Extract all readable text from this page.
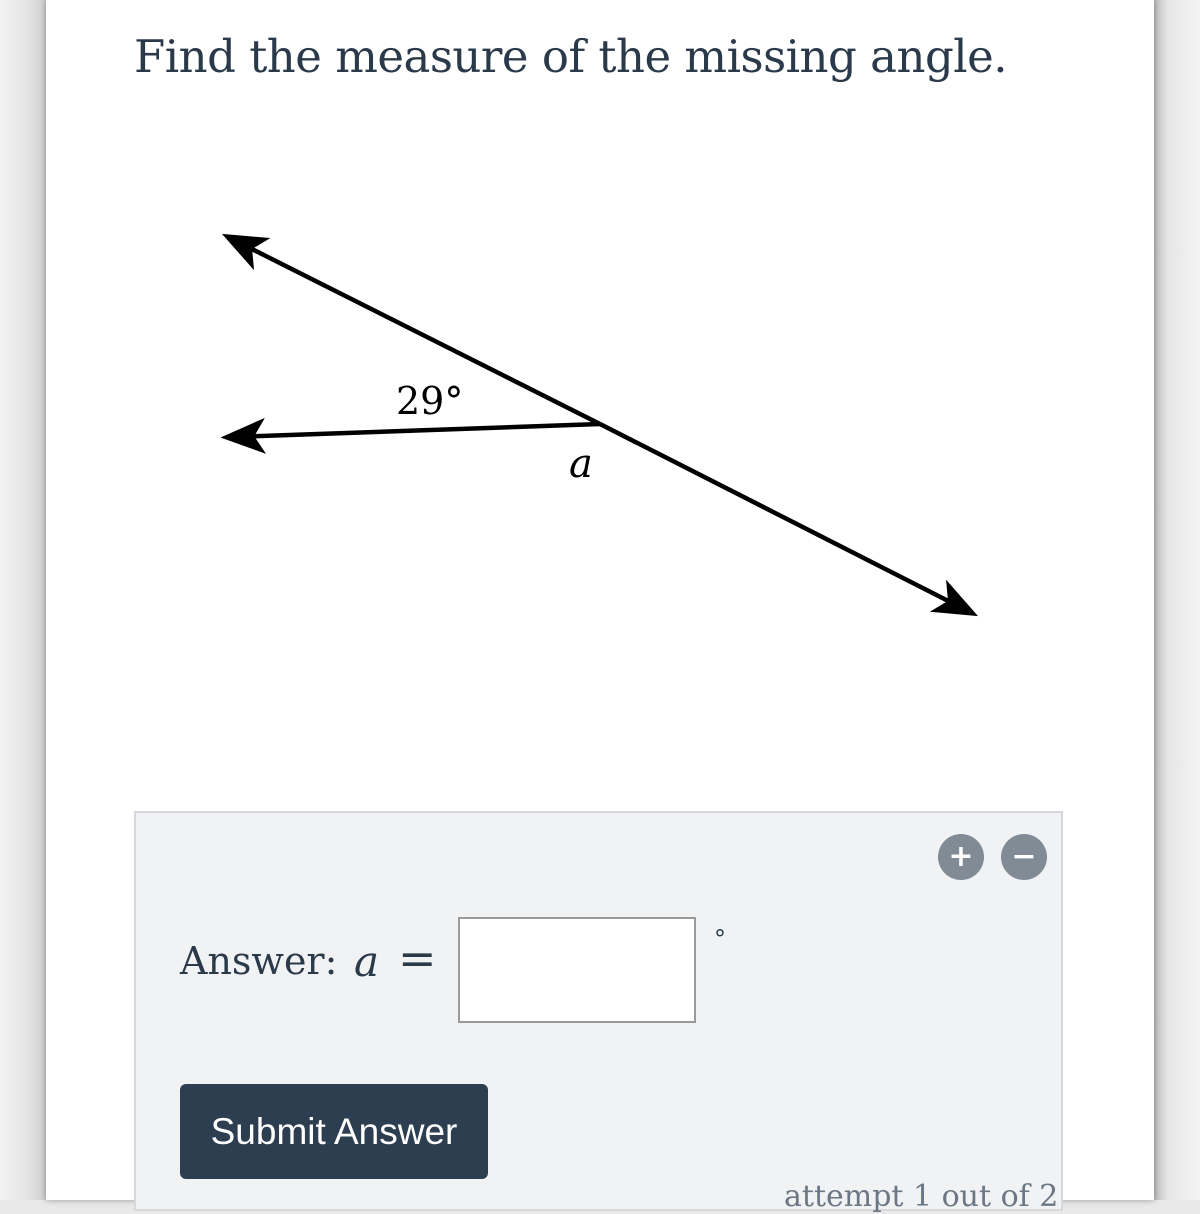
Find the measure of the missing angle.
29°
a
+	−
Answer: a =	°
Submit Answer
attempt 1 out of 2
